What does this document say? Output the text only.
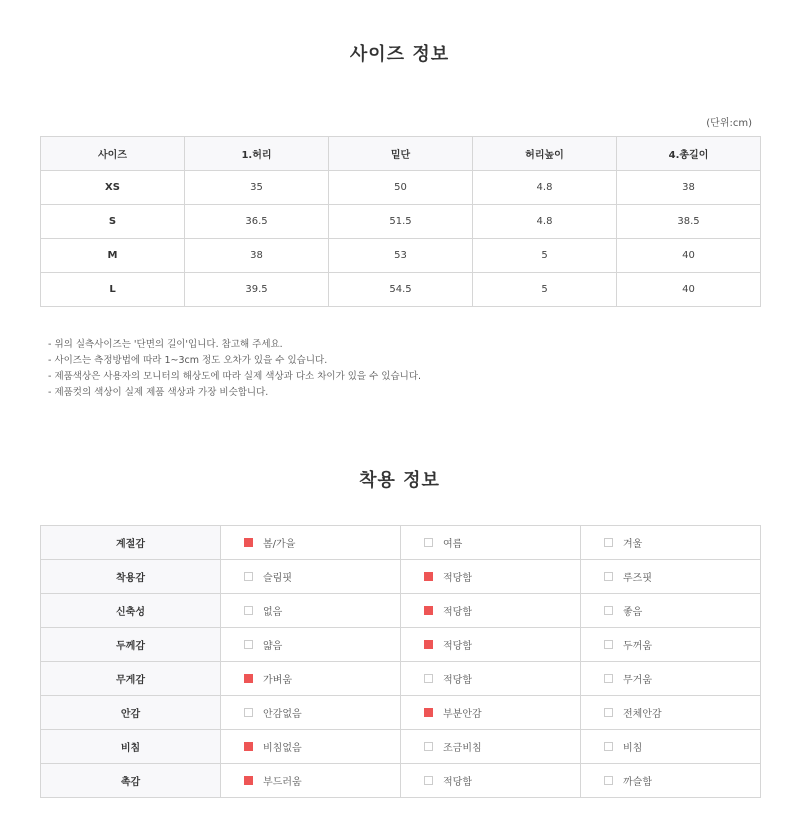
사이즈 정보
(단위:cm)
사이즈	1.허리	밑단	허리높이	4.총길이
XS	35	50	4.8	38
S	36.5	51.5	4.8	38.5
M	38	53	5	40
L	39.5	54.5	5	40
- 위의 실측사이즈는 '단면의 길이'입니다. 참고해 주세요.
- 사이즈는 측정방법에 따라 1~3cm 정도 오차가 있을 수 있습니다.
- 제품색상은 사용자의 모니터의 해상도에 따라 실제 색상과 다소 차이가 있을 수 있습니다.
- 제품컷의 색상이 실제 제품 색상과 가장 비슷합니다.
착용 정보
계절감	봄/가을	여름	겨울
착용감	슬림핏	적당함	루즈핏
신축성	없음	적당함	좋음
두께감	얇음	적당함	두꺼움
무게감	가벼움	적당함	무거움
안감	안감없음	부분안감	전체안감
비침	비침없음	조금비침	비침
촉감	부드러움	적당함	까슬함
